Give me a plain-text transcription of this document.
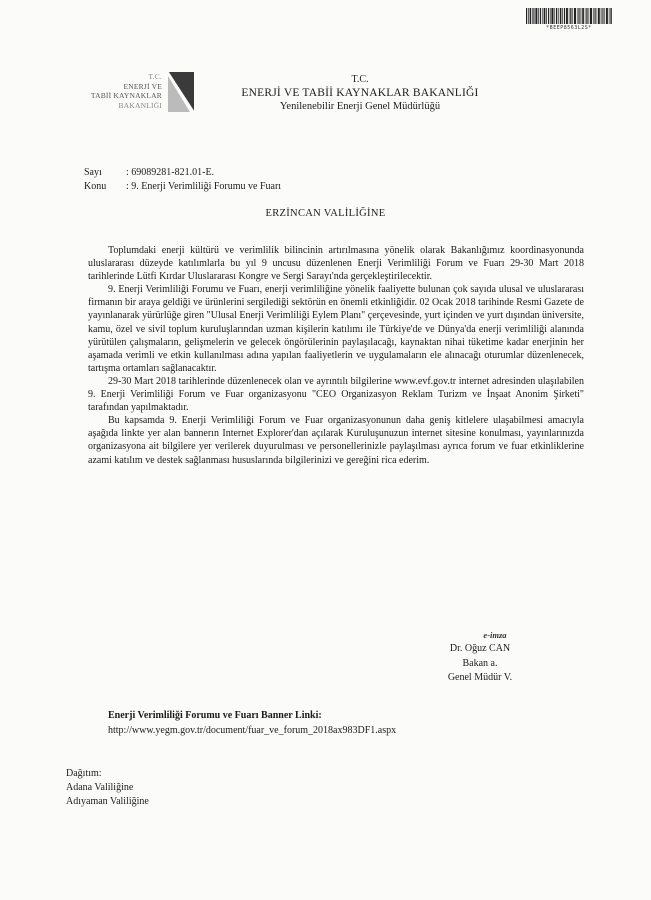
*BEEP8563L2S*
T.C.
ENERJİ VE
TABİİ KAYNAKLAR
BAKANLIĞI
T.C.
ENERJİ VE TABİİ KAYNAKLAR BAKANLIĞI
Yenilenebilir Enerji Genel Müdürlüğü
Sayı	: 69089281-821.01-E.
Konu	: 9. Enerji Verimliliği Forumu ve Fuarı
ERZİNCAN VALİLİĞİNE

Toplumdaki enerji kültürü ve verimlilik bilincinin artırılmasına yönelik olarak Bakanlığımız koordinasyonunda uluslararası düzeyde katılımlarla bu yıl 9 uncusu düzenlenen Enerji Verimliliği Forum ve Fuarı 29-30 Mart 2018 tarihlerinde Lütfi Kırdar Uluslararası Kongre ve Sergi Sarayı'nda gerçekleştirilecektir.

9. Enerji Verimliliği Forumu ve Fuarı, enerji verimliliğine yönelik faaliyette bulunan çok sayıda ulusal ve uluslararası firmanın bir araya geldiği ve ürünlerini sergilediği sektörün en önemli etkinliğidir. 02 Ocak 2018 tarihinde Resmi Gazete de yayınlanarak yürürlüğe giren "Ulusal Enerji Verimliliği Eylem Planı" çerçevesinde, yurt içinden ve yurt dışından üniversite, kamu, özel ve sivil toplum kuruluşlarından uzman kişilerin katılımı ile Türkiye'de ve Dünya'da enerji verimliliği alanında yürütülen çalışmaların, gelişmelerin ve gelecek öngörülerinin paylaşılacağı, kaynaktan nihai tüketime kadar enerjinin her aşamada verimli ve etkin kullanılması adına yapılan faaliyetlerin ve uygulamaların ele alınacağı oturumlar düzenlenecek, tartışma ortamları sağlanacaktır.

29-30 Mart 2018 tarihlerinde düzenlenecek olan ve ayrıntılı bilgilerine www.evf.gov.tr internet adresinden ulaşılabilen 9. Enerji Verimliliği Forum ve Fuar organizasyonu "CEO Organizasyon Reklam Turizm ve İnşaat Anonim Şirketi" tarafından yapılmaktadır.

Bu kapsamda 9. Enerji Verimliliği Forum ve Fuar organizasyonunun daha geniş kitlelere ulaşabilmesi amacıyla aşağıda linkte yer alan bannerın Internet Explorer'dan açılarak Kuruluşunuzun internet sitesine konulması, yayınlarınızda organizasyona ait bilgilere yer verilerek duyurulması ve personellerinizle paylaşılması ayrıca forum ve fuar etkinliklerine azami katılım ve destek sağlanması hususlarında bilgilerinizi ve gereğini rica ederim.

e-imza
Dr. Oğuz CAN
Bakan a.
Genel Müdür V.
Enerji Verimliliği Forumu ve Fuarı Banner Linki:
http://www.yegm.gov.tr/document/fuar_ve_forum_2018ax983DF1.aspx
Dağıtım:
Adana Valiliğine
Adıyaman Valiliğine
